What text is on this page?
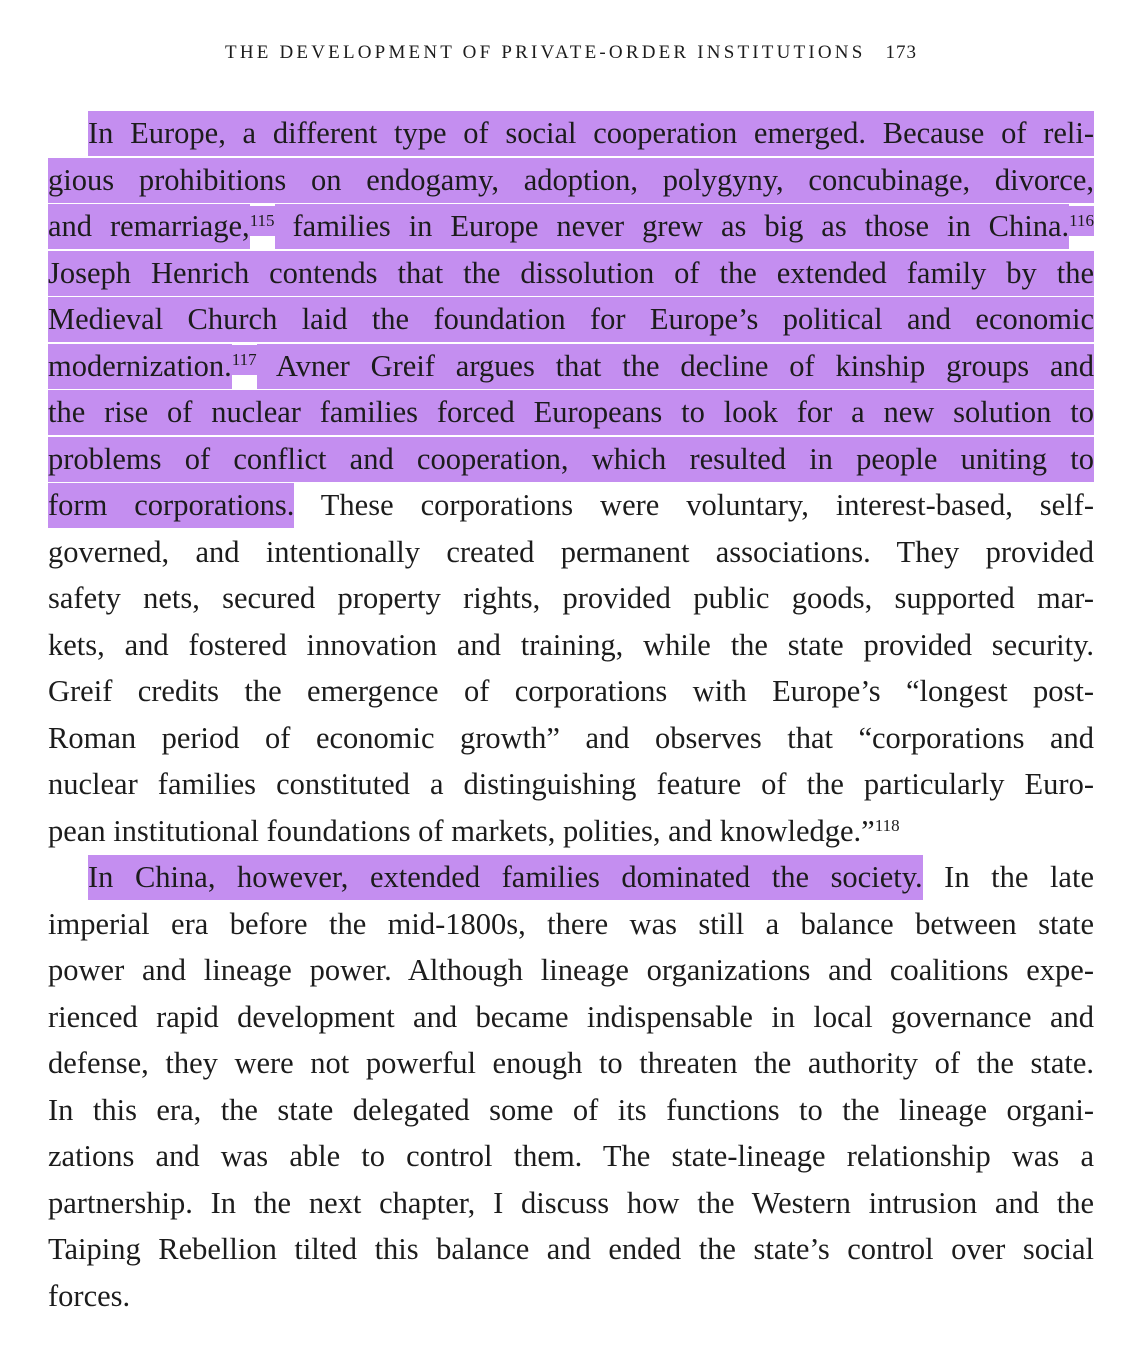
THE DEVELOPMENT OF PRIVATE-ORDER INSTITUTIONS 173
In Europe, a different type of social cooperation emerged. Because of reli-
gious prohibitions on endogamy, adoption, polygyny, concubinage, divorce,
and remarriage,$^{115}$ families in Europe never grew as big as those in China.$^{116}$
Joseph Henrich contends that the dissolution of the extended family by the
Medieval Church laid the foundation for Europe’s political and economic
modernization.$^{117}$ Avner Greif argues that the decline of kinship groups and
the rise of nuclear families forced Europeans to look for a new solution to
problems of conflict and cooperation, which resulted in people uniting to
form corporations. These corporations were voluntary, interest-based, self-
governed, and intentionally created permanent associations. They provided
safety nets, secured property rights, provided public goods, supported mar-
kets, and fostered innovation and training, while the state provided security.
Greif credits the emergence of corporations with Europe’s “longest post-
Roman period of economic growth” and observes that “corporations and
nuclear families constituted a distinguishing feature of the particularly Euro-
pean institutional foundations of markets, polities, and knowledge.”$^{118}$
In China, however, extended families dominated the society. In the late
imperial era before the mid-1800s, there was still a balance between state
power and lineage power. Although lineage organizations and coalitions expe-
rienced rapid development and became indispensable in local governance and
defense, they were not powerful enough to threaten the authority of the state.
In this era, the state delegated some of its functions to the lineage organi-
zations and was able to control them. The state-lineage relationship was a
partnership. In the next chapter, I discuss how the Western intrusion and the
Taiping Rebellion tilted this balance and ended the state’s control over social
forces.
